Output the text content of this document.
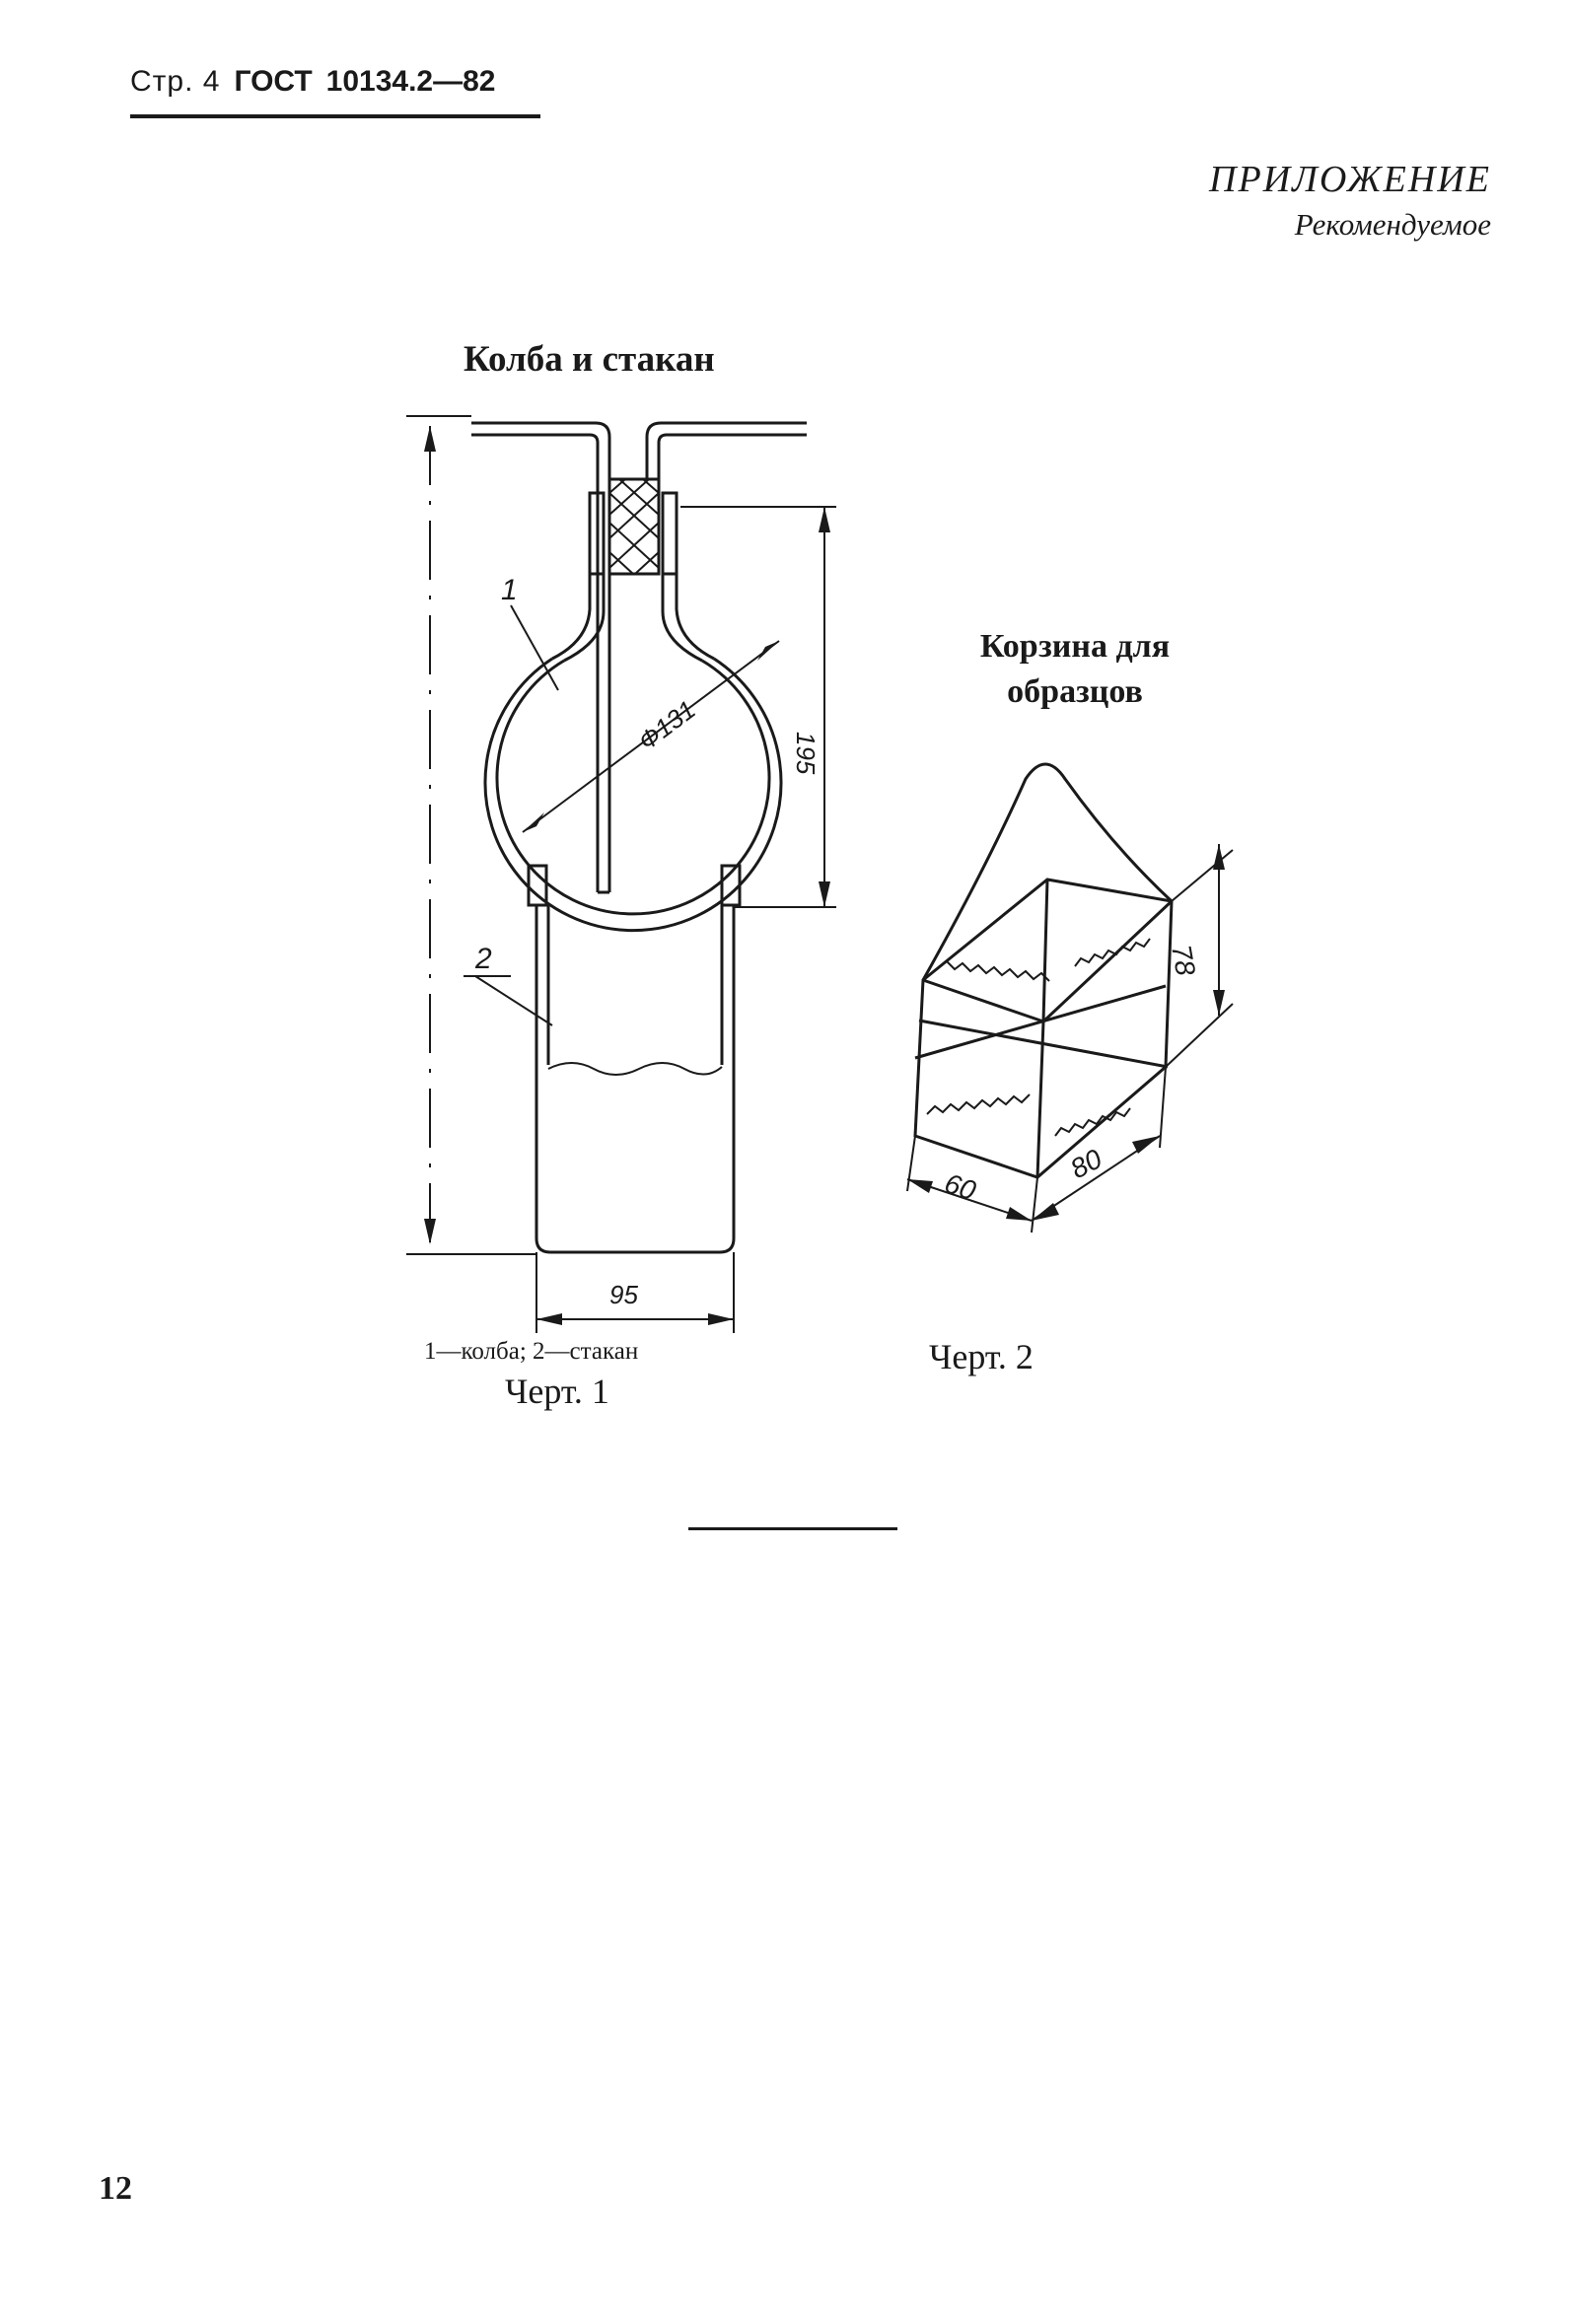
Стр. 4 ГОСТ 10134.2—82
ПРИЛОЖЕНИЕ
Рекомендуемое
Колба и стакан
Корзина для образцов
Ф131
1
2
195
95
78
60
80
1—колба; 2—стакан
Черт. 1
Черт. 2
12
